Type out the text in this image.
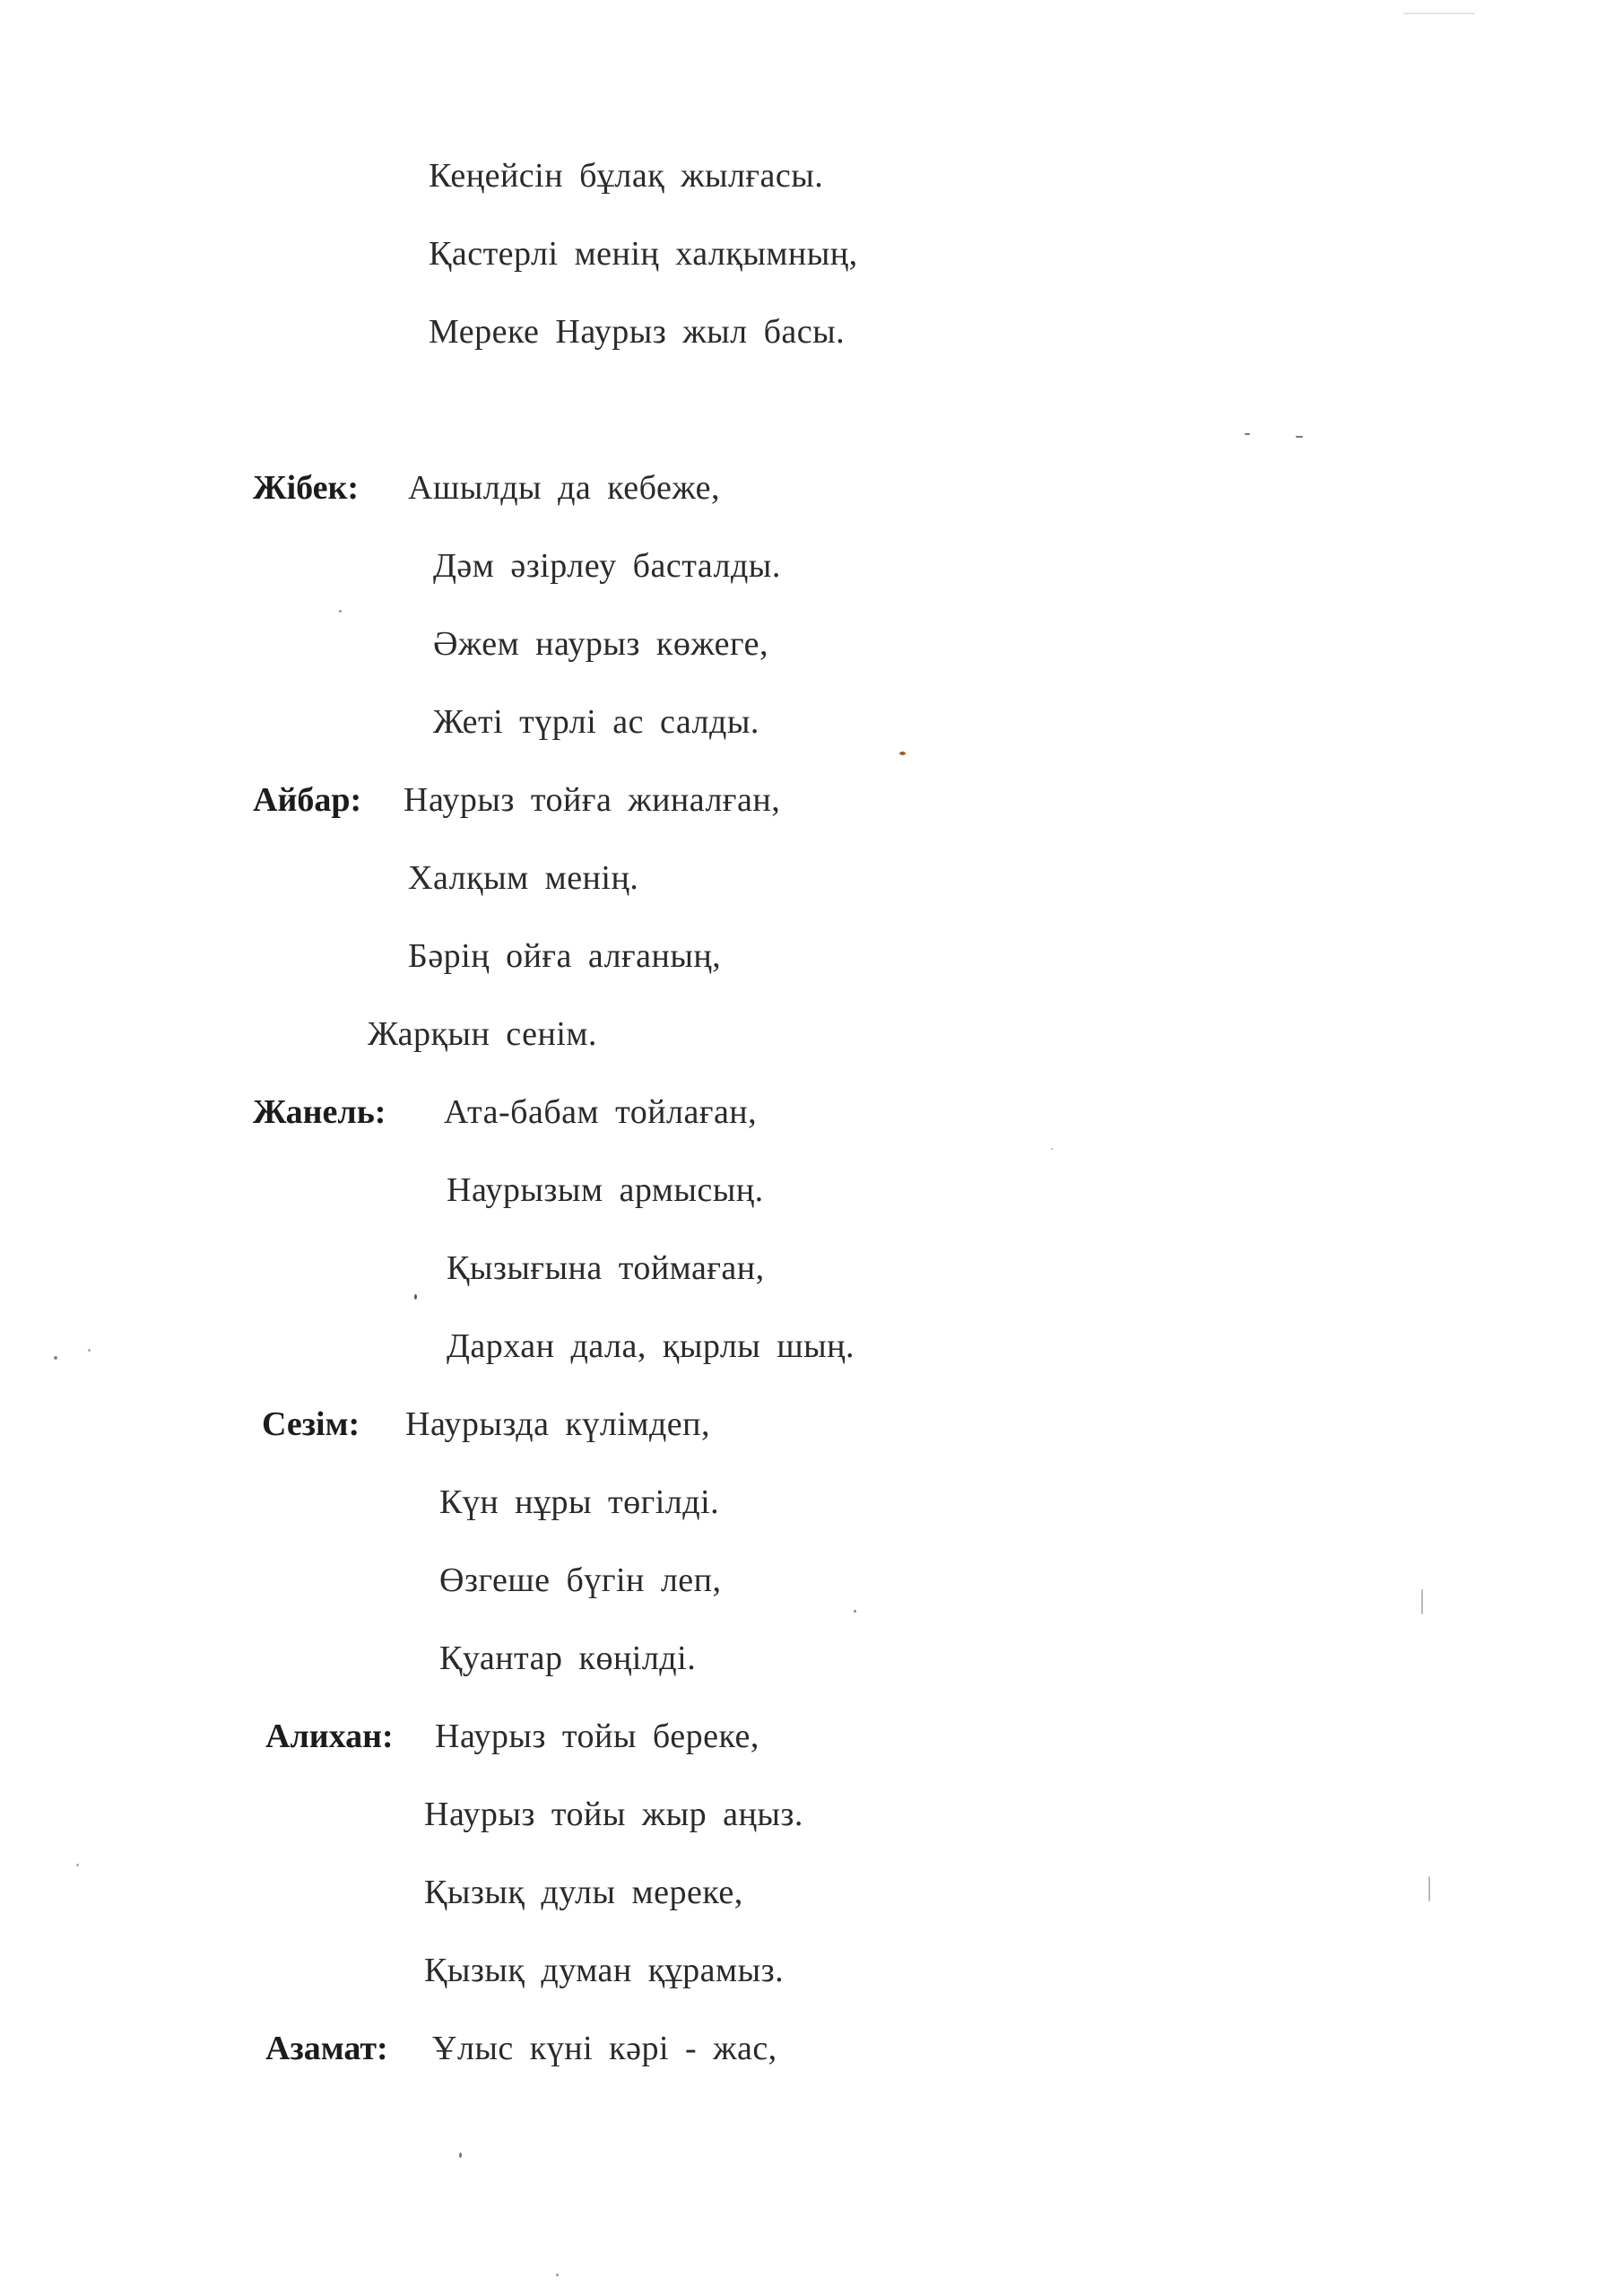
Кеңейсін бұлақ жылғасы.
Қастерлі менің халқымның,
Мереке Наурыз жыл басы.
Жібек: Ашылды да кебеже,
Дәм әзірлеу басталды.
Әжем наурыз көжеге,
Жеті түрлі ас салды.
Айбар: Наурыз тойға жиналған,
Халқым менің.
Бәрің ойға алғаның,
Жарқын сенім.
Жанель: Ата-бабам тойлаған,
Наурызым армысың.
Қызығына тоймаған,
Дархан дала, қырлы шың.
Сезім: Наурызда күлімдеп,
Күн нұры төгілді.
Өзгеше бүгін леп,
Қуантар көңілді.
Алихан: Наурыз тойы береке,
Наурыз тойы жыр аңыз.
Қызық дулы мереке,
Қызық думан құрамыз.
Азамат: Ұлыс күні кәрі - жас,
